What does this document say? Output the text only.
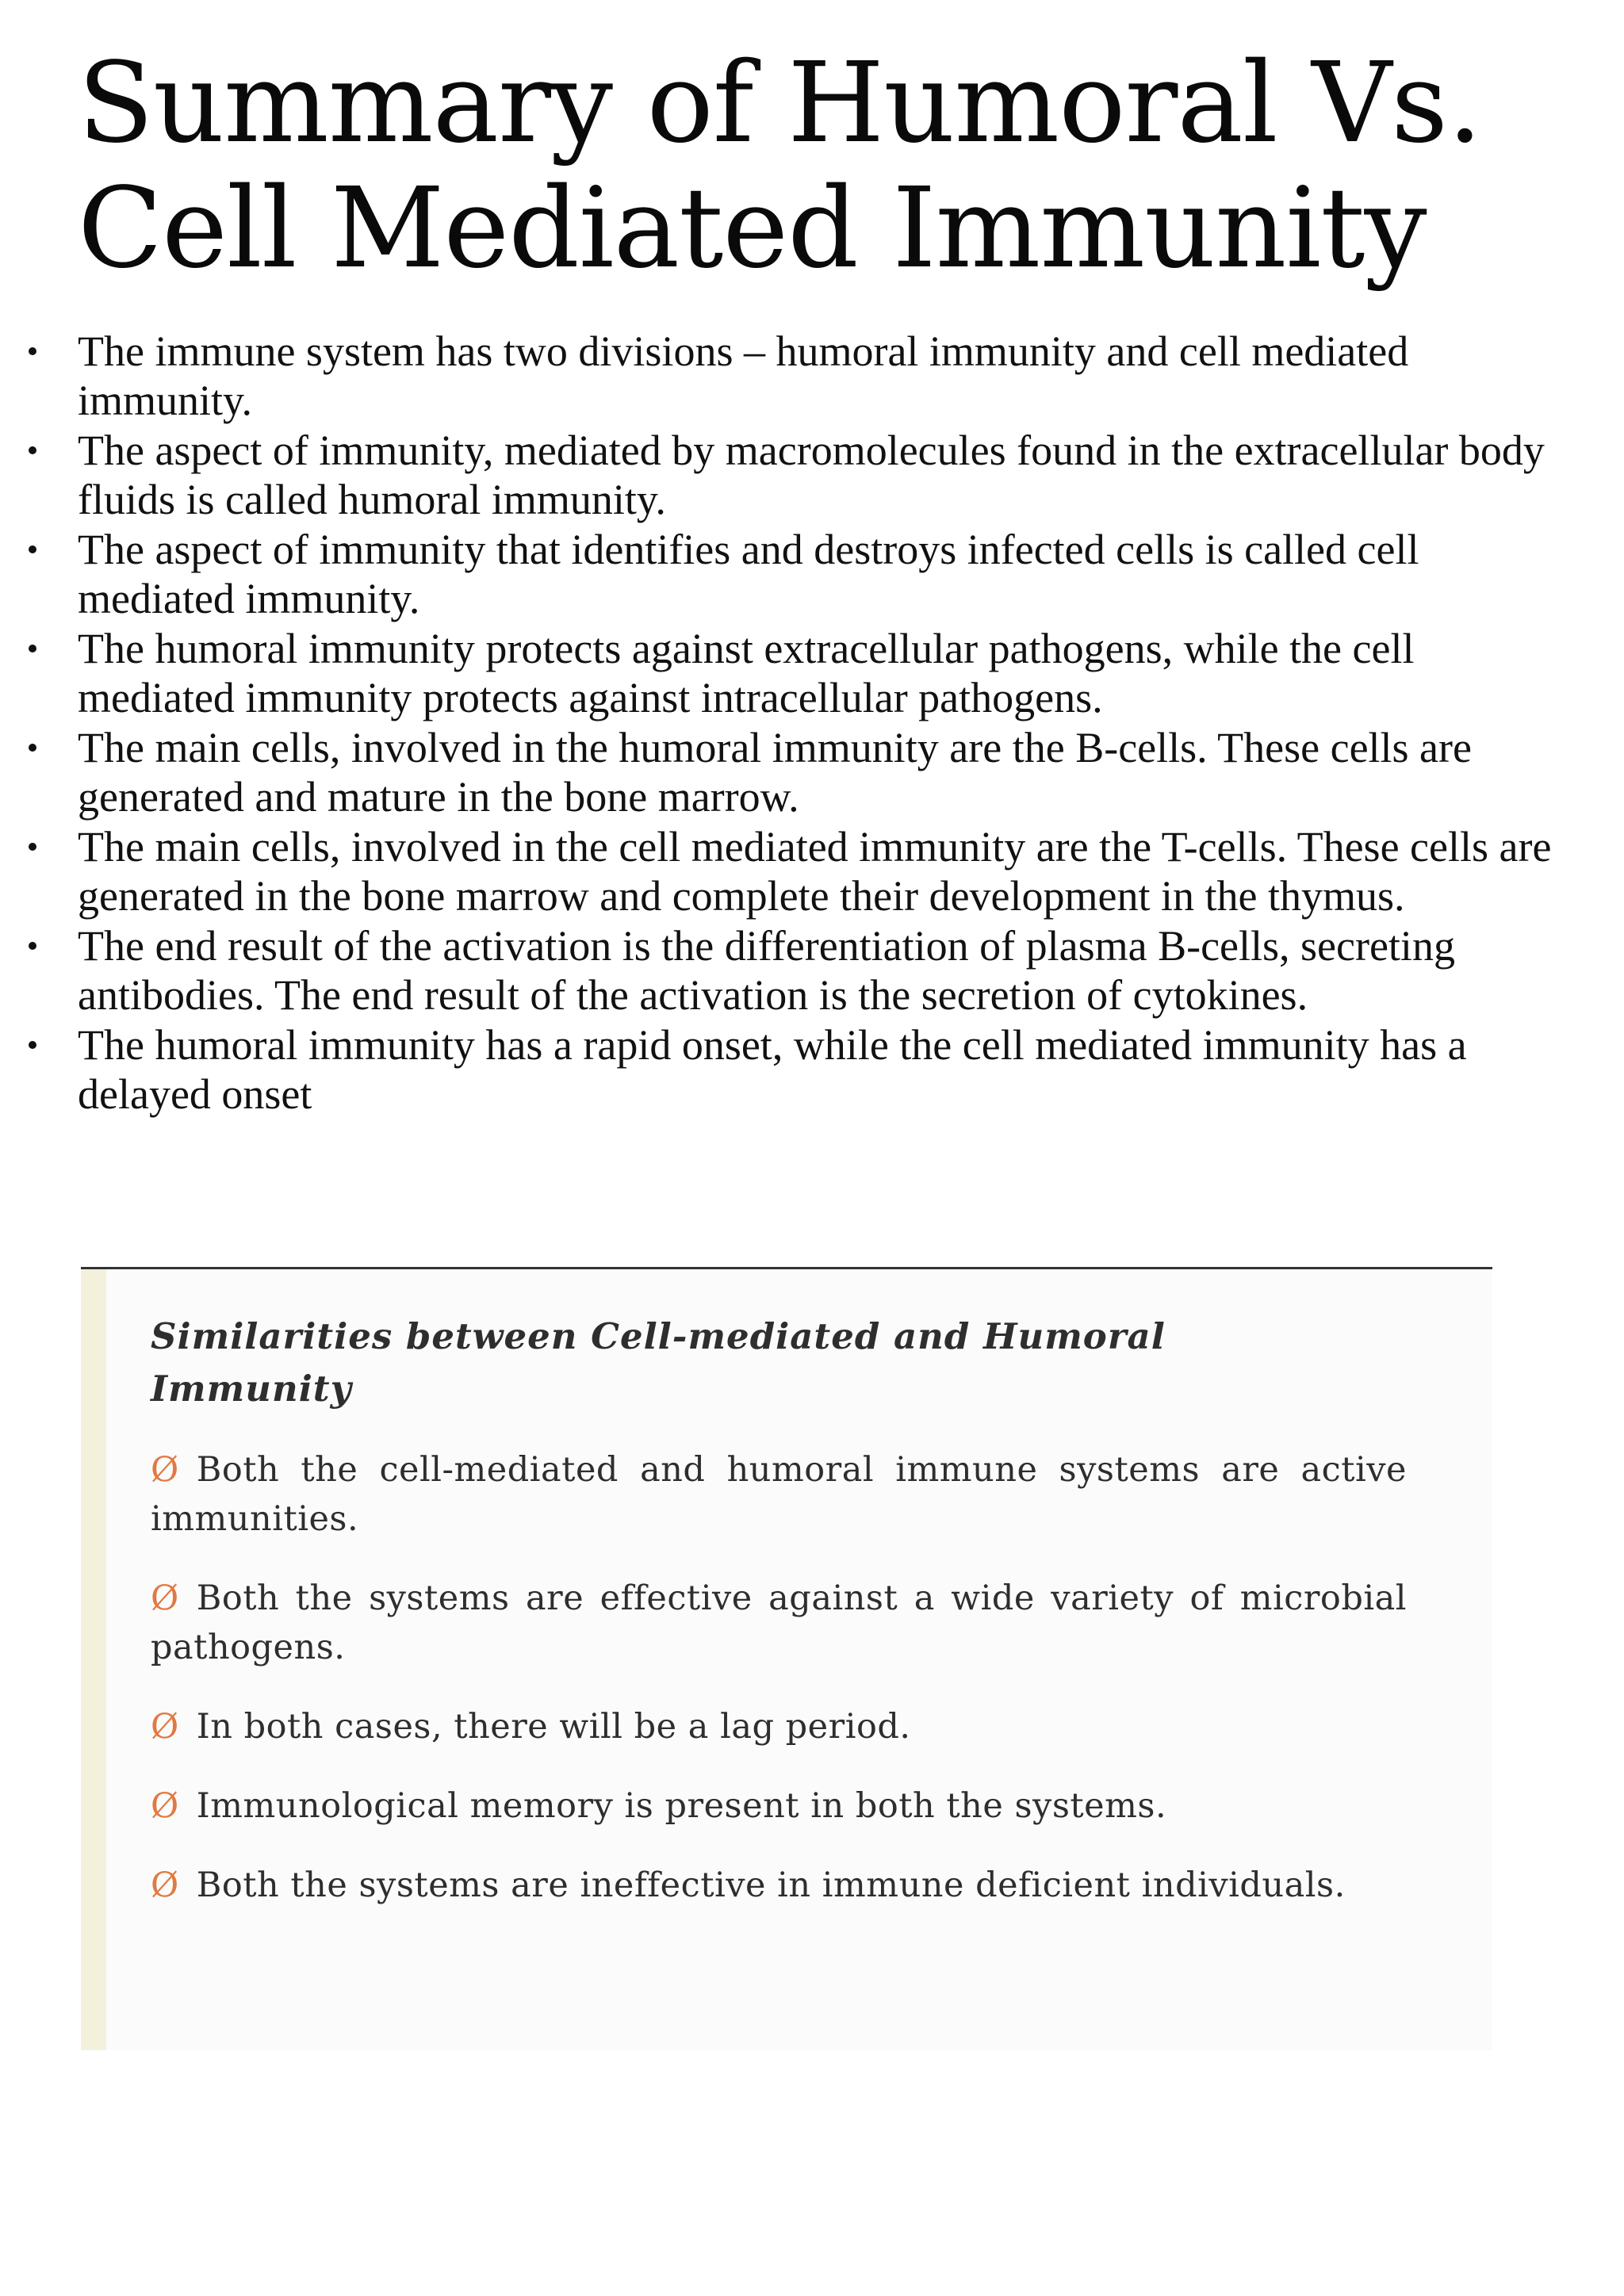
Summary of Humoral Vs. Cell Mediated Immunity
The immune system has two divisions – humoral immunity and cell mediated immunity.
The aspect of immunity, mediated by macromolecules found in the extracellular body fluids is called humoral immunity.
The aspect of immunity that identifies and destroys infected cells is called cell mediated immunity.
The humoral immunity protects against extracellular pathogens, while the cell mediated immunity protects against intracellular pathogens.
The main cells, involved in the humoral immunity are the B-cells. These cells are generated and mature in the bone marrow.
The main cells, involved in the cell mediated immunity are the T-cells. These cells are generated in the bone marrow and complete their development in the thymus.
The end result of the activation is the differentiation of plasma B-cells, secreting antibodies. The end result of the activation is the secretion of cytokines.
The humoral immunity has a rapid onset, while the cell mediated immunity has a delayed onset
Similarities between Cell-mediated and Humoral Immunity
Ø Both the cell-mediated and humoral immune systems are active immunities.
Ø Both the systems are effective against a wide variety of microbial pathogens.
Ø In both cases, there will be a lag period.
Ø Immunological memory is present in both the systems.
Ø Both the systems are ineffective in immune deficient individuals.
